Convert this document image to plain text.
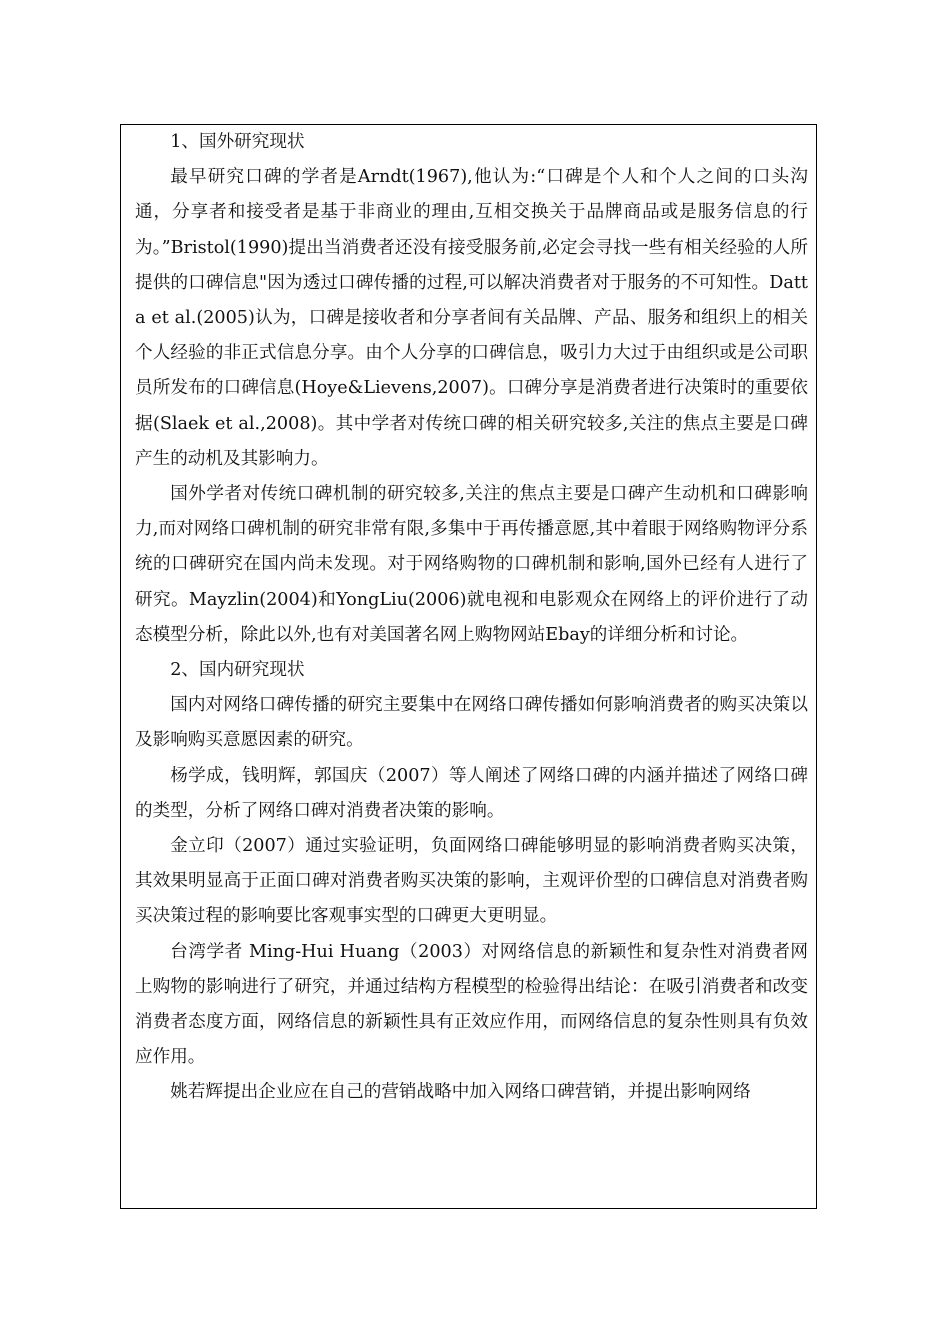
1、国外研究现状

最早研究口碑的学者是Arndt(1967),他认为:“口碑是个人和个人之间的口头沟通，分享者和接受者是基于非商业的理由,互相交换关于品牌商品或是服务信息的行为。”Bristol(1990)提出当消费者还没有接受服务前,必定会寻找一些有相关经验的人所提供的口碑信息"因为透过口碑传播的过程,可以解决消费者对于服务的不可知性。Datta et al.(2005)认为，口碑是接收者和分享者间有关品牌、产品、服务和组织上的相关个人经验的非正式信息分享。由个人分享的口碑信息，吸引力大过于由组织或是公司职员所发布的口碑信息(Hoye&Lievens,2007)。口碑分享是消费者进行决策时的重要依据(Slaek et al.,2008)。其中学者对传统口碑的相关研究较多,关注的焦点主要是口碑产生的动机及其影响力。

国外学者对传统口碑机制的研究较多,关注的焦点主要是口碑产生动机和口碑影响力,而对网络口碑机制的研究非常有限,多集中于再传播意愿,其中着眼于网络购物评分系统的口碑研究在国内尚未发现。对于网络购物的口碑机制和影响,国外已经有人进行了研究。Mayzlin(2004)和YongLiu(2006)就电视和电影观众在网络上的评价进行了动态模型分析，除此以外,也有对美国著名网上购物网站Ebay的详细分析和讨论。

2、国内研究现状

国内对网络口碑传播的研究主要集中在网络口碑传播如何影响消费者的购买决策以及影响购买意愿因素的研究。

杨学成，钱明辉，郭国庆（2007）等人阐述了网络口碑的内涵并描述了网络口碑的类型，分析了网络口碑对消费者决策的影响。

金立印（2007）通过实验证明，负面网络口碑能够明显的影响消费者购买决策，其效果明显高于正面口碑对消费者购买决策的影响，主观评价型的口碑信息对消费者购买决策过程的影响要比客观事实型的口碑更大更明显。

台湾学者 Ming-Hui Huang（2003）对网络信息的新颖性和复杂性对消费者网上购物的影响进行了研究，并通过结构方程模型的检验得出结论：在吸引消费者和改变消费者态度方面，网络信息的新颖性具有正效应作用，而网络信息的复杂性则具有负效应作用。

姚若辉提出企业应在自己的营销战略中加入网络口碑营销，并提出影响网络
